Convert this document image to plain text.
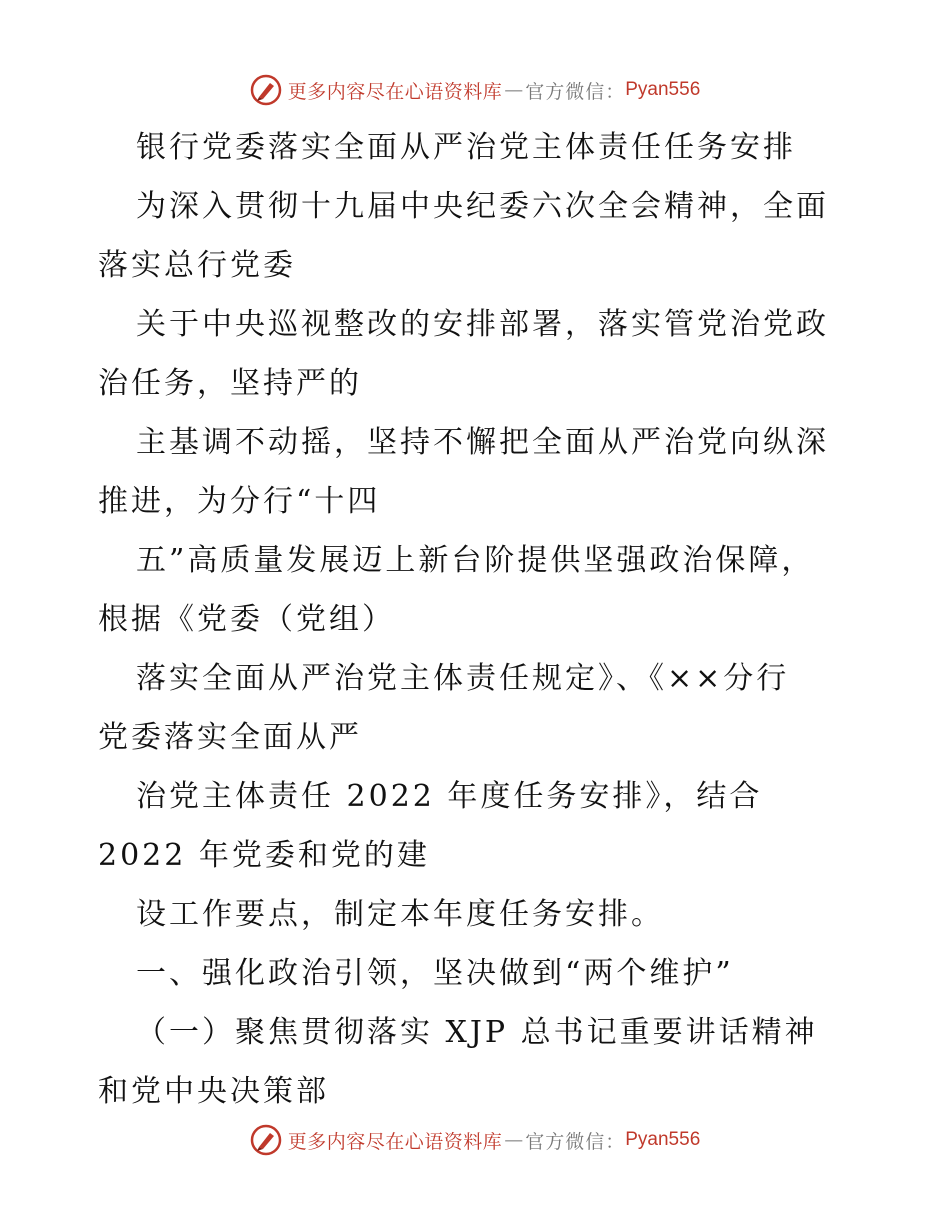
更多内容尽在心语资料库 — 官方微信： Pyan556
银行党委落实全面从严治党主体责任任务安排
为深入贯彻十九届中央纪委六次全会精神，全面
落实总行党委
关于中央巡视整改的安排部署，落实管党治党政
治任务，坚持严的
主基调不动摇，坚持不懈把全面从严治党向纵深
推进，为分行“十四
五”高质量发展迈上新台阶提供坚强政治保障，
根据《党委（党组）
落实全面从严治党主体责任规定》、《××分行
党委落实全面从严
治党主体责任 2022 年度任务安排》，结合
2022 年党委和党的建
设工作要点，制定本年度任务安排。
一、强化政治引领，坚决做到“两个维护”
（一）聚焦贯彻落实 XJP 总书记重要讲话精神
和党中央决策部
更多内容尽在心语资料库 — 官方微信： Pyan556
